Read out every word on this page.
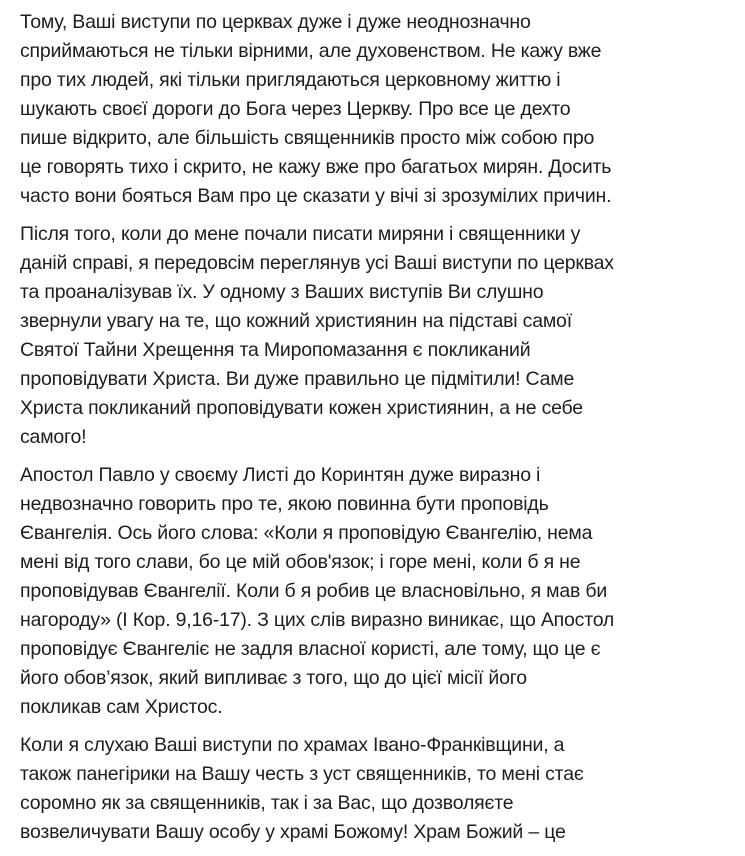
Тому, Ваші виступи по церквах дуже і дуже неоднозначно
сприймаються не тільки вірними, але духовенством. Не кажу вже
про тих людей, які тільки приглядаються церковному життю і
шукають своєї дороги до Бога через Церкву. Про все це дехто
пише відкрито, але більшість священників просто між собою про
це говорять тихо і скрито, не кажу вже про багатьох мирян. Досить
часто вони бояться Вам про це сказати у вічі зі зрозумілих причин.
Після того, коли до мене почали писати миряни і священники у
даній справі, я передовсім переглянув усі Ваші виступи по церквах
та проаналізував їх. У одному з Ваших виступів Ви слушно
звернули увагу на те, що кожний християнин на підставі самої
Святої Тайни Хрещення та Миропомазання є покликаний
проповідувати Христа. Ви дуже правильно це підмітили! Саме
Христа покликаний проповідувати кожен християнин, а не себе
самого!
Апостол Павло у своєму Листі до Коринтян дуже виразно і
недвозначно говорить про те, якою повинна бути проповідь
Євангелія. Ось його слова: «Коли я проповідую Євангелію, нема
мені від того слави, бо це мій обов'язок; і горе мені, коли б я не
проповідував Євангелії. Коли б я робив це власновільно, я мав би
нагороду» (І Кор. 9,16-17). З цих слів виразно виникає, що Апостол
проповідує Євангеліє не задля власної користі, але тому, що це є
його обов’язок, який випливає з того, що до цієї місії його
покликав сам Христос.
Коли я слухаю Ваші виступи по храмах Івано-Франківщини, а
також панегірики на Вашу честь з уст священників, то мені стає
соромно як за священників, так і за Вас, що дозволяєте
возвеличувати Вашу особу у храмі Божому! Храм Божий – це
